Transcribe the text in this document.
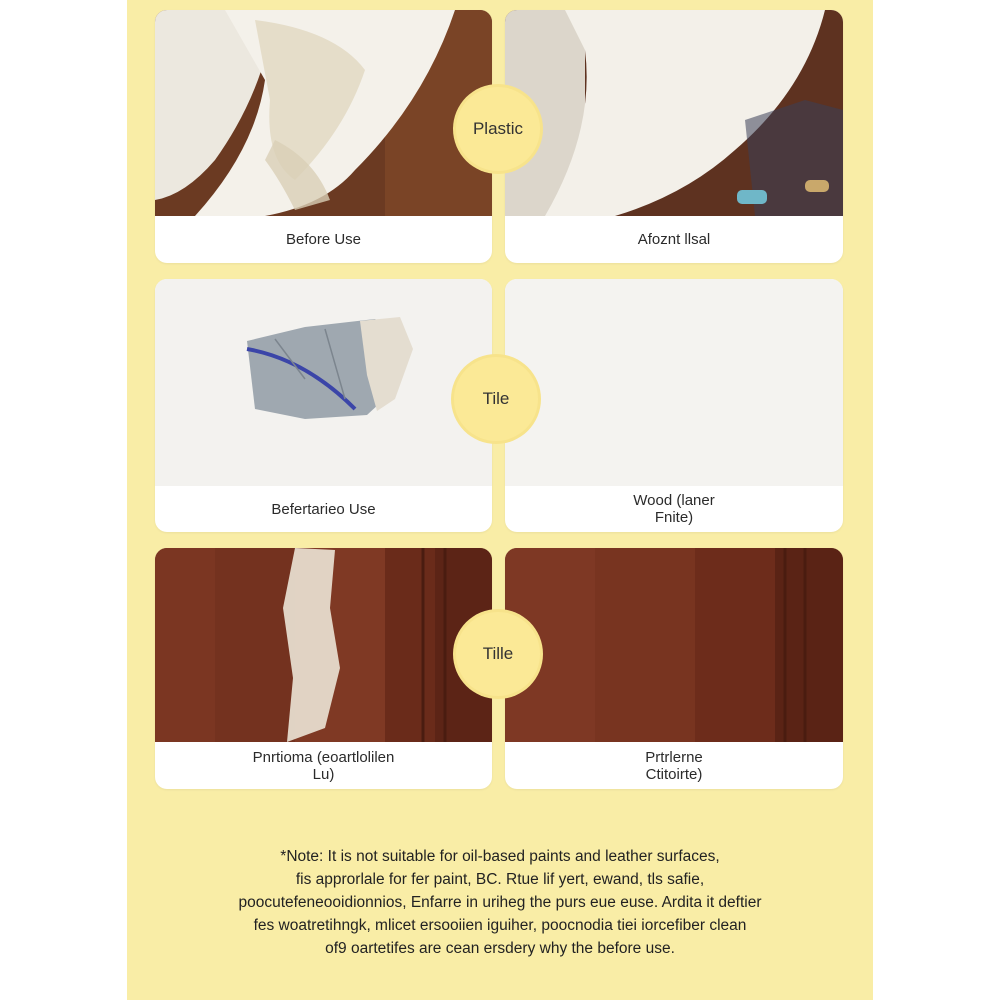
Before Use	Afoznt llsal
Befertarieo Use	Wood (laner
Fnite)
Pnrtioma (eoartlolilen
Lu)
Prtrlerne
Ctitoirte)
Plastic
Tile
Tille
*Note: It is not suitable for oil-based paints and leather surfaces,
fis approrlale for fer paint, BC. Rtue lif yert, ewand, tls safie,
poocutefeneooidionnios, Enfarre in uriheg the purs eue euse. Ardita it deftier
fes woatretihngk, mlicet ersooiien iguiher, poocnodia tiei iorcefiber clean
of9 oartetifes are cean ersdery why the before use.
